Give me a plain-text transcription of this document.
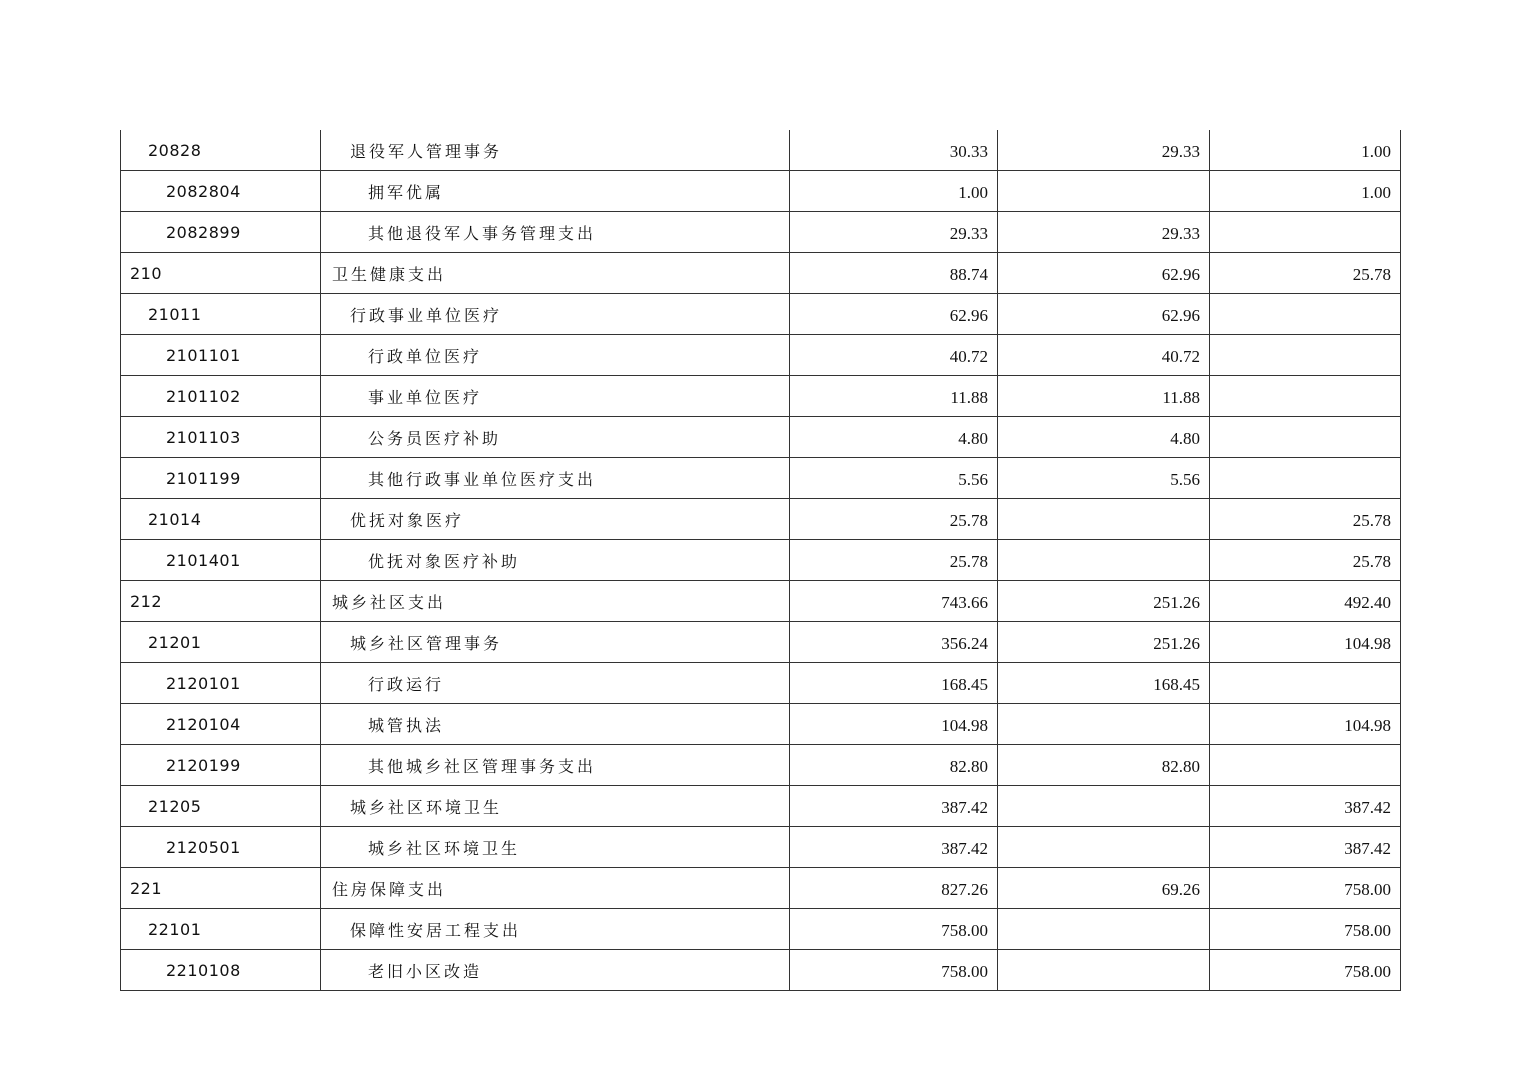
20828	退役军人管理事务	30.33	29.33	1.00
2082804	拥军优属	1.00		1.00
2082899	其他退役军人事务管理支出	29.33	29.33	
210	卫生健康支出	88.74	62.96	25.78
21011	行政事业单位医疗	62.96	62.96	
2101101	行政单位医疗	40.72	40.72	
2101102	事业单位医疗	11.88	11.88	
2101103	公务员医疗补助	4.80	4.80	
2101199	其他行政事业单位医疗支出	5.56	5.56	
21014	优抚对象医疗	25.78		25.78
2101401	优抚对象医疗补助	25.78		25.78
212	城乡社区支出	743.66	251.26	492.40
21201	城乡社区管理事务	356.24	251.26	104.98
2120101	行政运行	168.45	168.45	
2120104	城管执法	104.98		104.98
2120199	其他城乡社区管理事务支出	82.80	82.80	
21205	城乡社区环境卫生	387.42		387.42
2120501	城乡社区环境卫生	387.42		387.42
221	住房保障支出	827.26	69.26	758.00
22101	保障性安居工程支出	758.00		758.00
2210108	老旧小区改造	758.00		758.00
